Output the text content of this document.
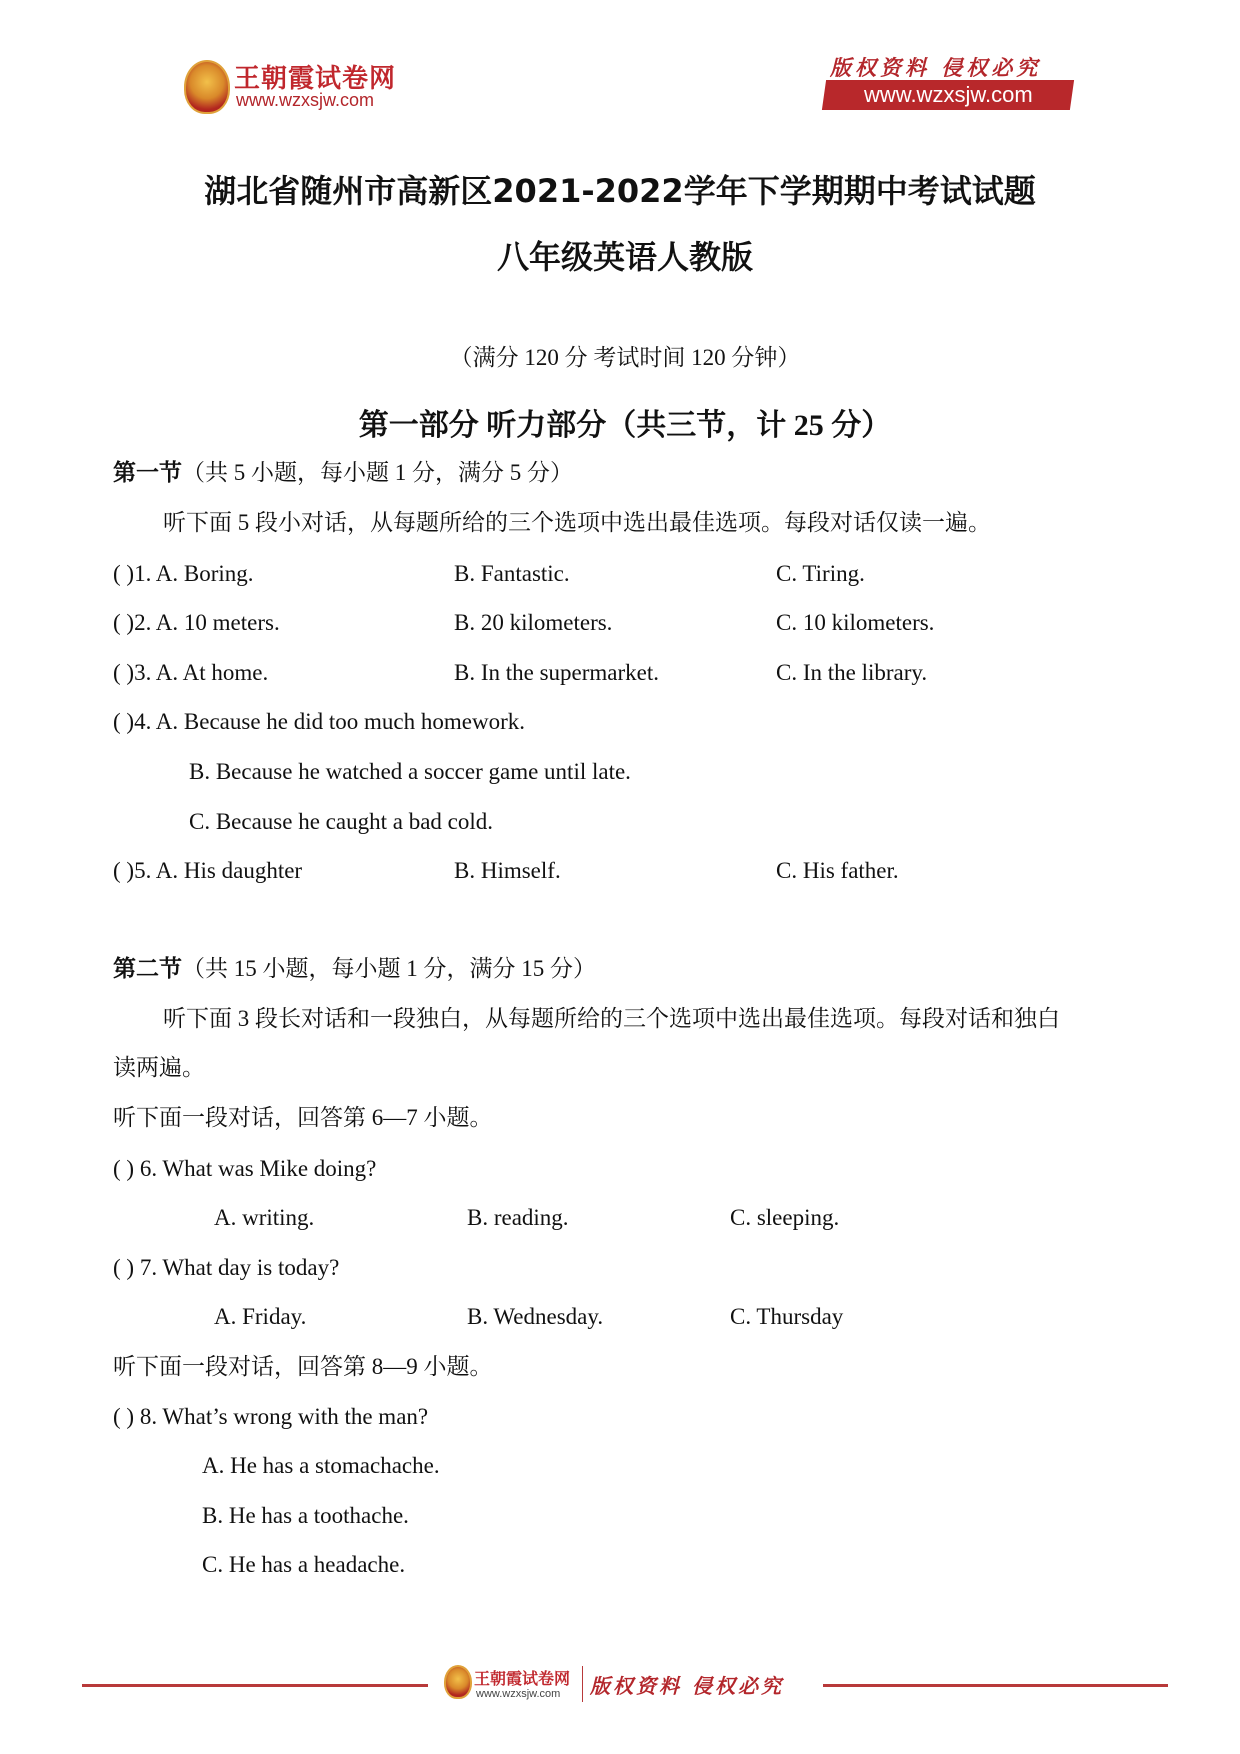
王朝霞试卷网
www.wzxsjw.com
版权资料 侵权必究
www.wzxsjw.com
湖北省随州市高新区2021-2022学年下学期期中考试试题
八年级英语人教版
（满分 120 分 考试时间 120 分钟）
第一部分 听力部分（共三节，计 25 分）
第一节（共 5 小题，每小题 1 分，满分 5 分）
听下面 5 段小对话，从每题所给的三个选项中选出最佳选项。每段对话仅读一遍。
( )1. A. Boring.	B. Fantastic.	C. Tiring.
( )2. A. 10 meters.	B. 20 kilometers.	C. 10 kilometers.
( )3. A. At home.	B. In the supermarket.	C. In the library.
( )4. A. Because he did too much homework.
B. Because he watched a soccer game until late.
C. Because he caught a bad cold.
( )5. A. His daughter	B. Himself.	C. His father.
第二节（共 15 小题，每小题 1 分，满分 15 分）
听下面 3 段长对话和一段独白，从每题所给的三个选项中选出最佳选项。每段对话和独白
读两遍。
听下面一段对话，回答第 6—7 小题。
( ) 6. What was Mike doing?
A. writing.	B. reading.	C. sleeping.
( ) 7. What day is today?
A. Friday.	B. Wednesday.	C. Thursday
听下面一段对话，回答第 8—9 小题。
( ) 8. What’s wrong with the man?
A. He has a stomachache.
B. He has a toothache.
C. He has a headache.
王朝霞试卷网
www.wzxsjw.com 版权资料 侵权必究
